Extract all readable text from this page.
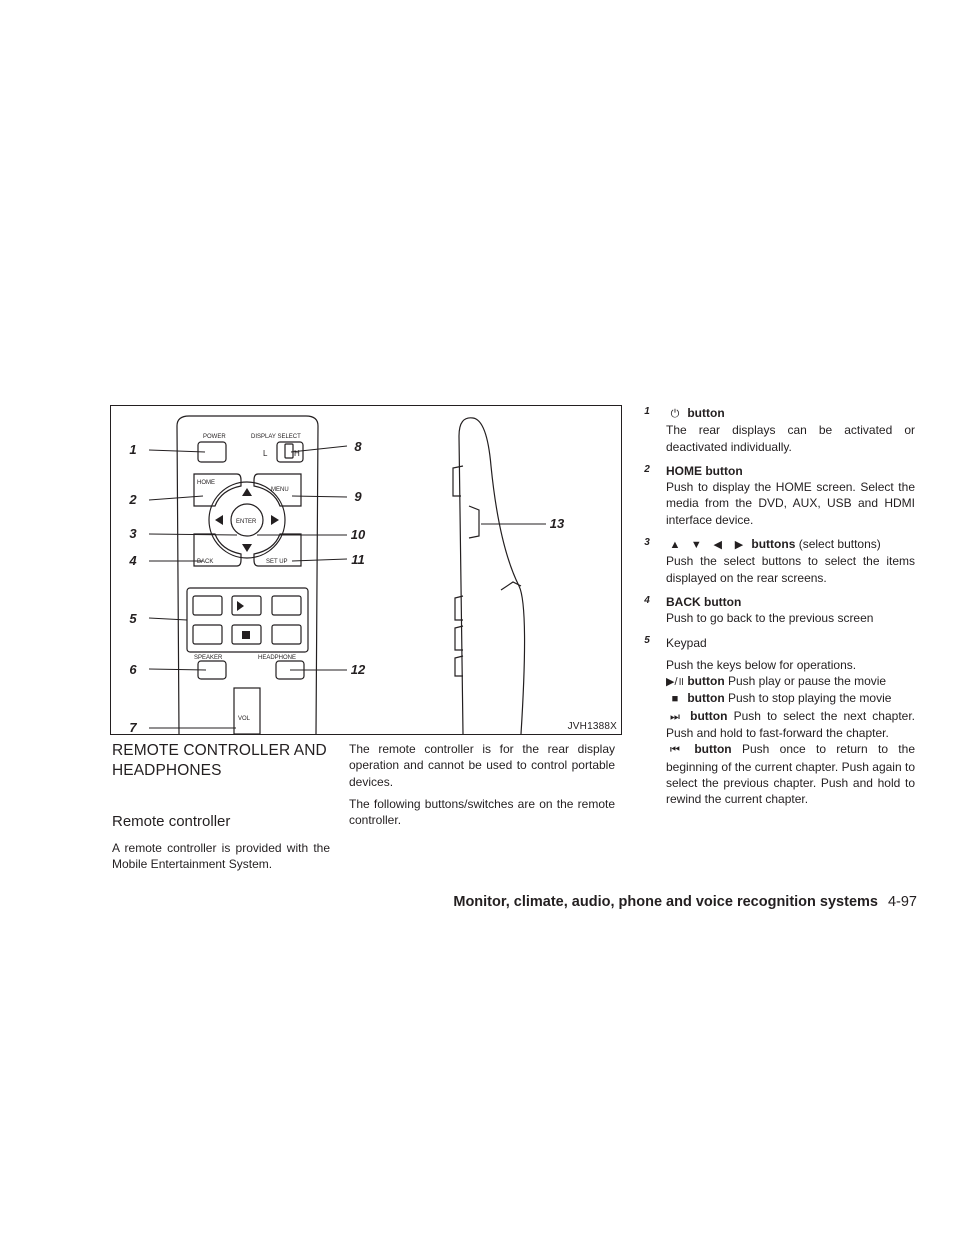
1
2
3
4
5
6
7
8
9
10
11
12
13
POWER	DISPLAY SELECT
L	H
HOME
MENU
ENTER
BACK	SET UP
SPEAKER	HEADPHONE
VOL
JVH1388X
REMOTE CONTROLLER AND HEADPHONES
Remote controller
A remote controller is provided with the Mobile Entertainment System.

The remote controller is for the rear display operation and cannot be used to control portable devices.

The following buttons/switches are on the remote controller.

1	⏻ button
The rear displays can be activated or deactivated individually.
2	HOME button
Push to display the HOME screen. Select the media from the DVD, AUX, USB and HDMI interface device.
3	▲ ▼ ◀ ▶ buttons (select buttons)
Push the select buttons to select the items displayed on the rear screens.
4	BACK button
Push to go back to the previous screen
5	Keypad
Push the keys below for operations.
▶/॥ button Push play or pause the movie
■ button Push to stop playing the movie
⏭ button Push to select the next chapter. Push and hold to fast-forward the chapter.
⏮ button Push once to return to the beginning of the current chapter. Push again to select the previous chapter. Push and hold to rewind the current chapter.
Monitor, climate, audio, phone and voice recognition systems 4-97
